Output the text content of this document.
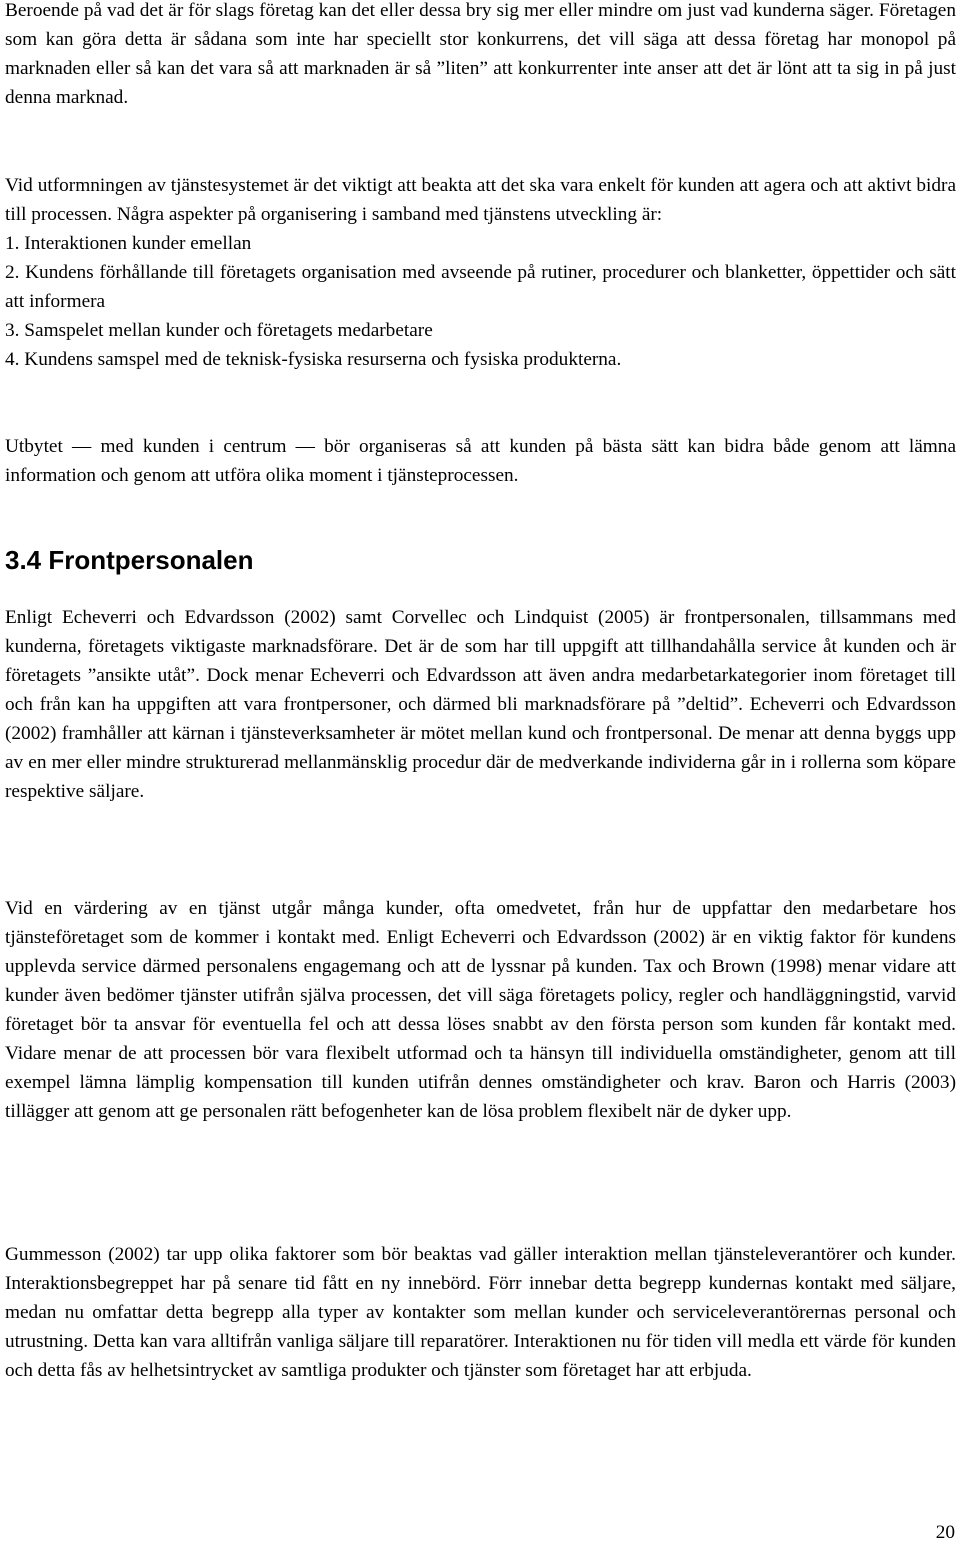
Beroende på vad det är för slags företag kan det eller dessa bry sig mer eller mindre om just vad kunderna säger. Företagen som kan göra detta är sådana som inte har speciellt stor konkurrens, det vill säga att dessa företag har monopol på marknaden eller så kan det vara så att marknaden är så ”liten” att konkurrenter inte anser att det är lönt att ta sig in på just denna marknad.

Vid utformningen av tjänstesystemet är det viktigt att beakta att det ska vara enkelt för kunden att agera och att aktivt bidra till processen. Några aspekter på organisering i samband med tjänstens utveckling är:

1. Interaktionen kunder emellan

2. Kundens förhållande till företagets organisation med avseende på rutiner, procedurer och blanketter, öppettider och sätt att informera

3. Samspelet mellan kunder och företagets medarbetare

4. Kundens samspel med de teknisk-fysiska resurserna och fysiska produkterna.

Utbytet — med kunden i centrum — bör organiseras så att kunden på bästa sätt kan bidra både genom att lämna information och genom att utföra olika moment i tjänsteprocessen.

3.4 Frontpersonalen

Enligt Echeverri och Edvardsson (2002) samt Corvellec och Lindquist (2005) är frontpersonalen, tillsammans med kunderna, företagets viktigaste marknadsförare. Det är de som har till uppgift att tillhandahålla service åt kunden och är företagets ”ansikte utåt”. Dock menar Echeverri och Edvardsson att även andra medarbetarkategorier inom företaget till och från kan ha uppgiften att vara frontpersoner, och därmed bli marknadsförare på ”deltid”. Echeverri och Edvardsson (2002) framhåller att kärnan i tjänsteverksamheter är mötet mellan kund och frontpersonal. De menar att denna byggs upp av en mer eller mindre strukturerad mellanmänsklig procedur där de medverkande individerna går in i rollerna som köpare respektive säljare.

Vid en värdering av en tjänst utgår många kunder, ofta omedvetet, från hur de uppfattar den medarbetare hos tjänsteföretaget som de kommer i kontakt med. Enligt Echeverri och Edvardsson (2002) är en viktig faktor för kundens upplevda service därmed personalens engagemang och att de lyssnar på kunden. Tax och Brown (1998) menar vidare att kunder även bedömer tjänster utifrån själva processen, det vill säga företagets policy, regler och handläggningstid, varvid företaget bör ta ansvar för eventuella fel och att dessa löses snabbt av den första person som kunden får kontakt med. Vidare menar de att processen bör vara flexibelt utformad och ta hänsyn till individuella omständigheter, genom att till exempel lämna lämplig kompensation till kunden utifrån dennes omständigheter och krav. Baron och Harris (2003) tillägger att genom att ge personalen rätt befogenheter kan de lösa problem flexibelt när de dyker upp.

Gummesson (2002) tar upp olika faktorer som bör beaktas vad gäller interaktion mellan tjänsteleverantörer och kunder. Interaktionsbegreppet har på senare tid fått en ny innebörd. Förr innebar detta begrepp kundernas kontakt med säljare, medan nu omfattar detta begrepp alla typer av kontakter som mellan kunder och serviceleverantörernas personal och utrustning. Detta kan vara alltifrån vanliga säljare till reparatörer. Interaktionen nu för tiden vill medla ett värde för kunden och detta fås av helhetsintrycket av samtliga produkter och tjänster som företaget har att erbjuda.

20
